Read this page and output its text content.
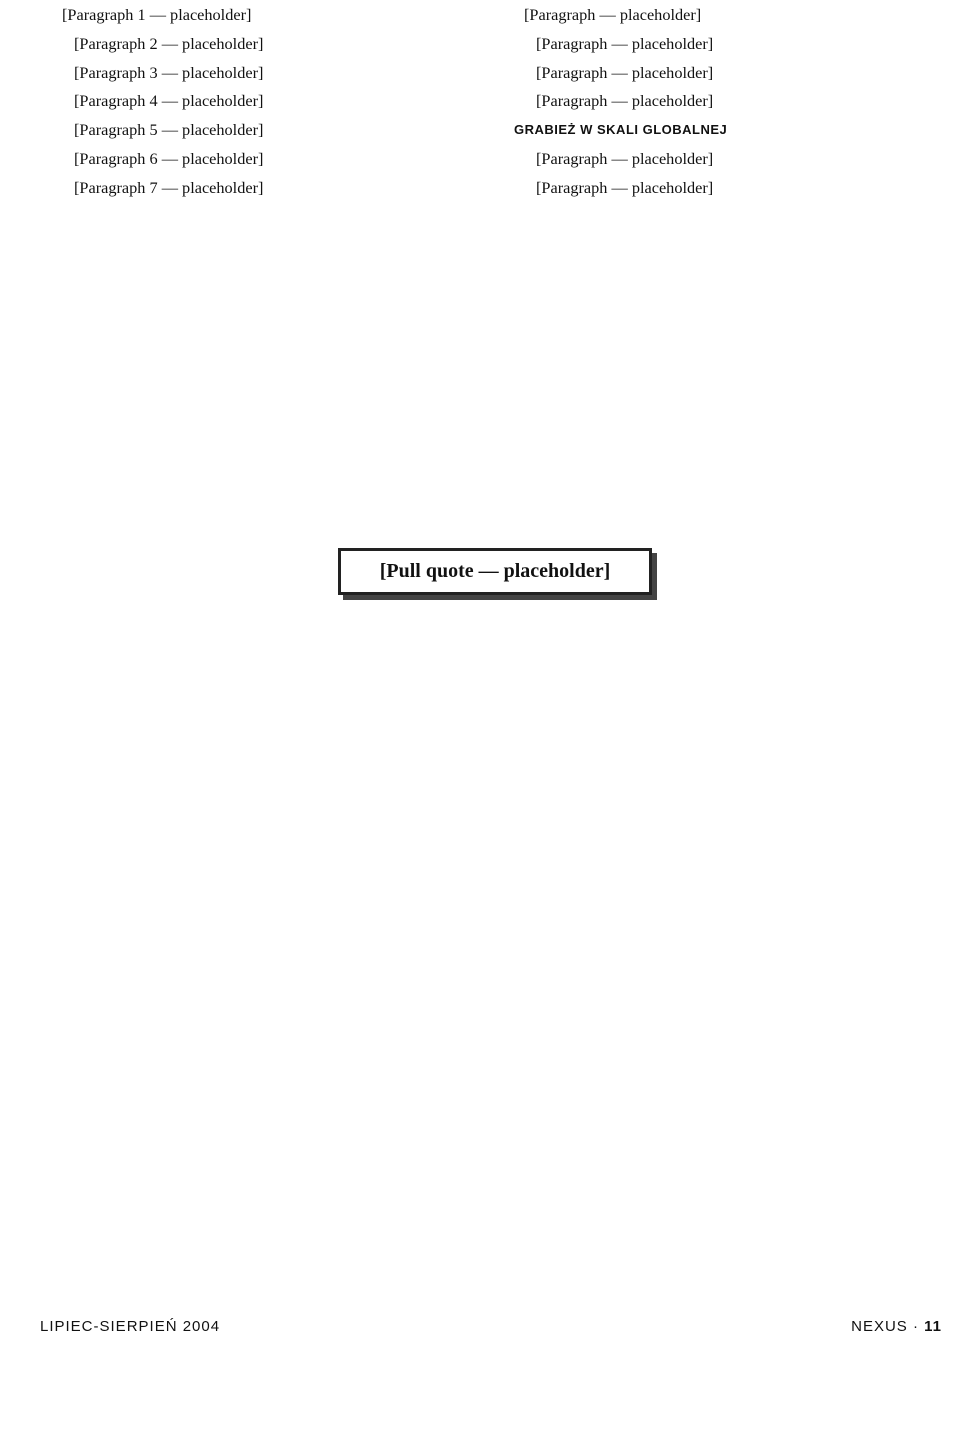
[Paragraph 1 — placeholder]

[Paragraph 2 — placeholder]

[Paragraph 3 — placeholder]

[Paragraph 4 — placeholder]

[Paragraph 5 — placeholder]

[Paragraph 6 — placeholder]

[Paragraph 7 — placeholder]

[Paragraph — placeholder]

[Paragraph — placeholder]

[Paragraph — placeholder]

[Paragraph — placeholder]

GRABIEŻ W SKALI GLOBALNEJ

[Paragraph — placeholder]

[Paragraph — placeholder]

[Pull quote — placeholder]
LIPIEC-SIERPIEŃ 2004	NEXUS · 11
